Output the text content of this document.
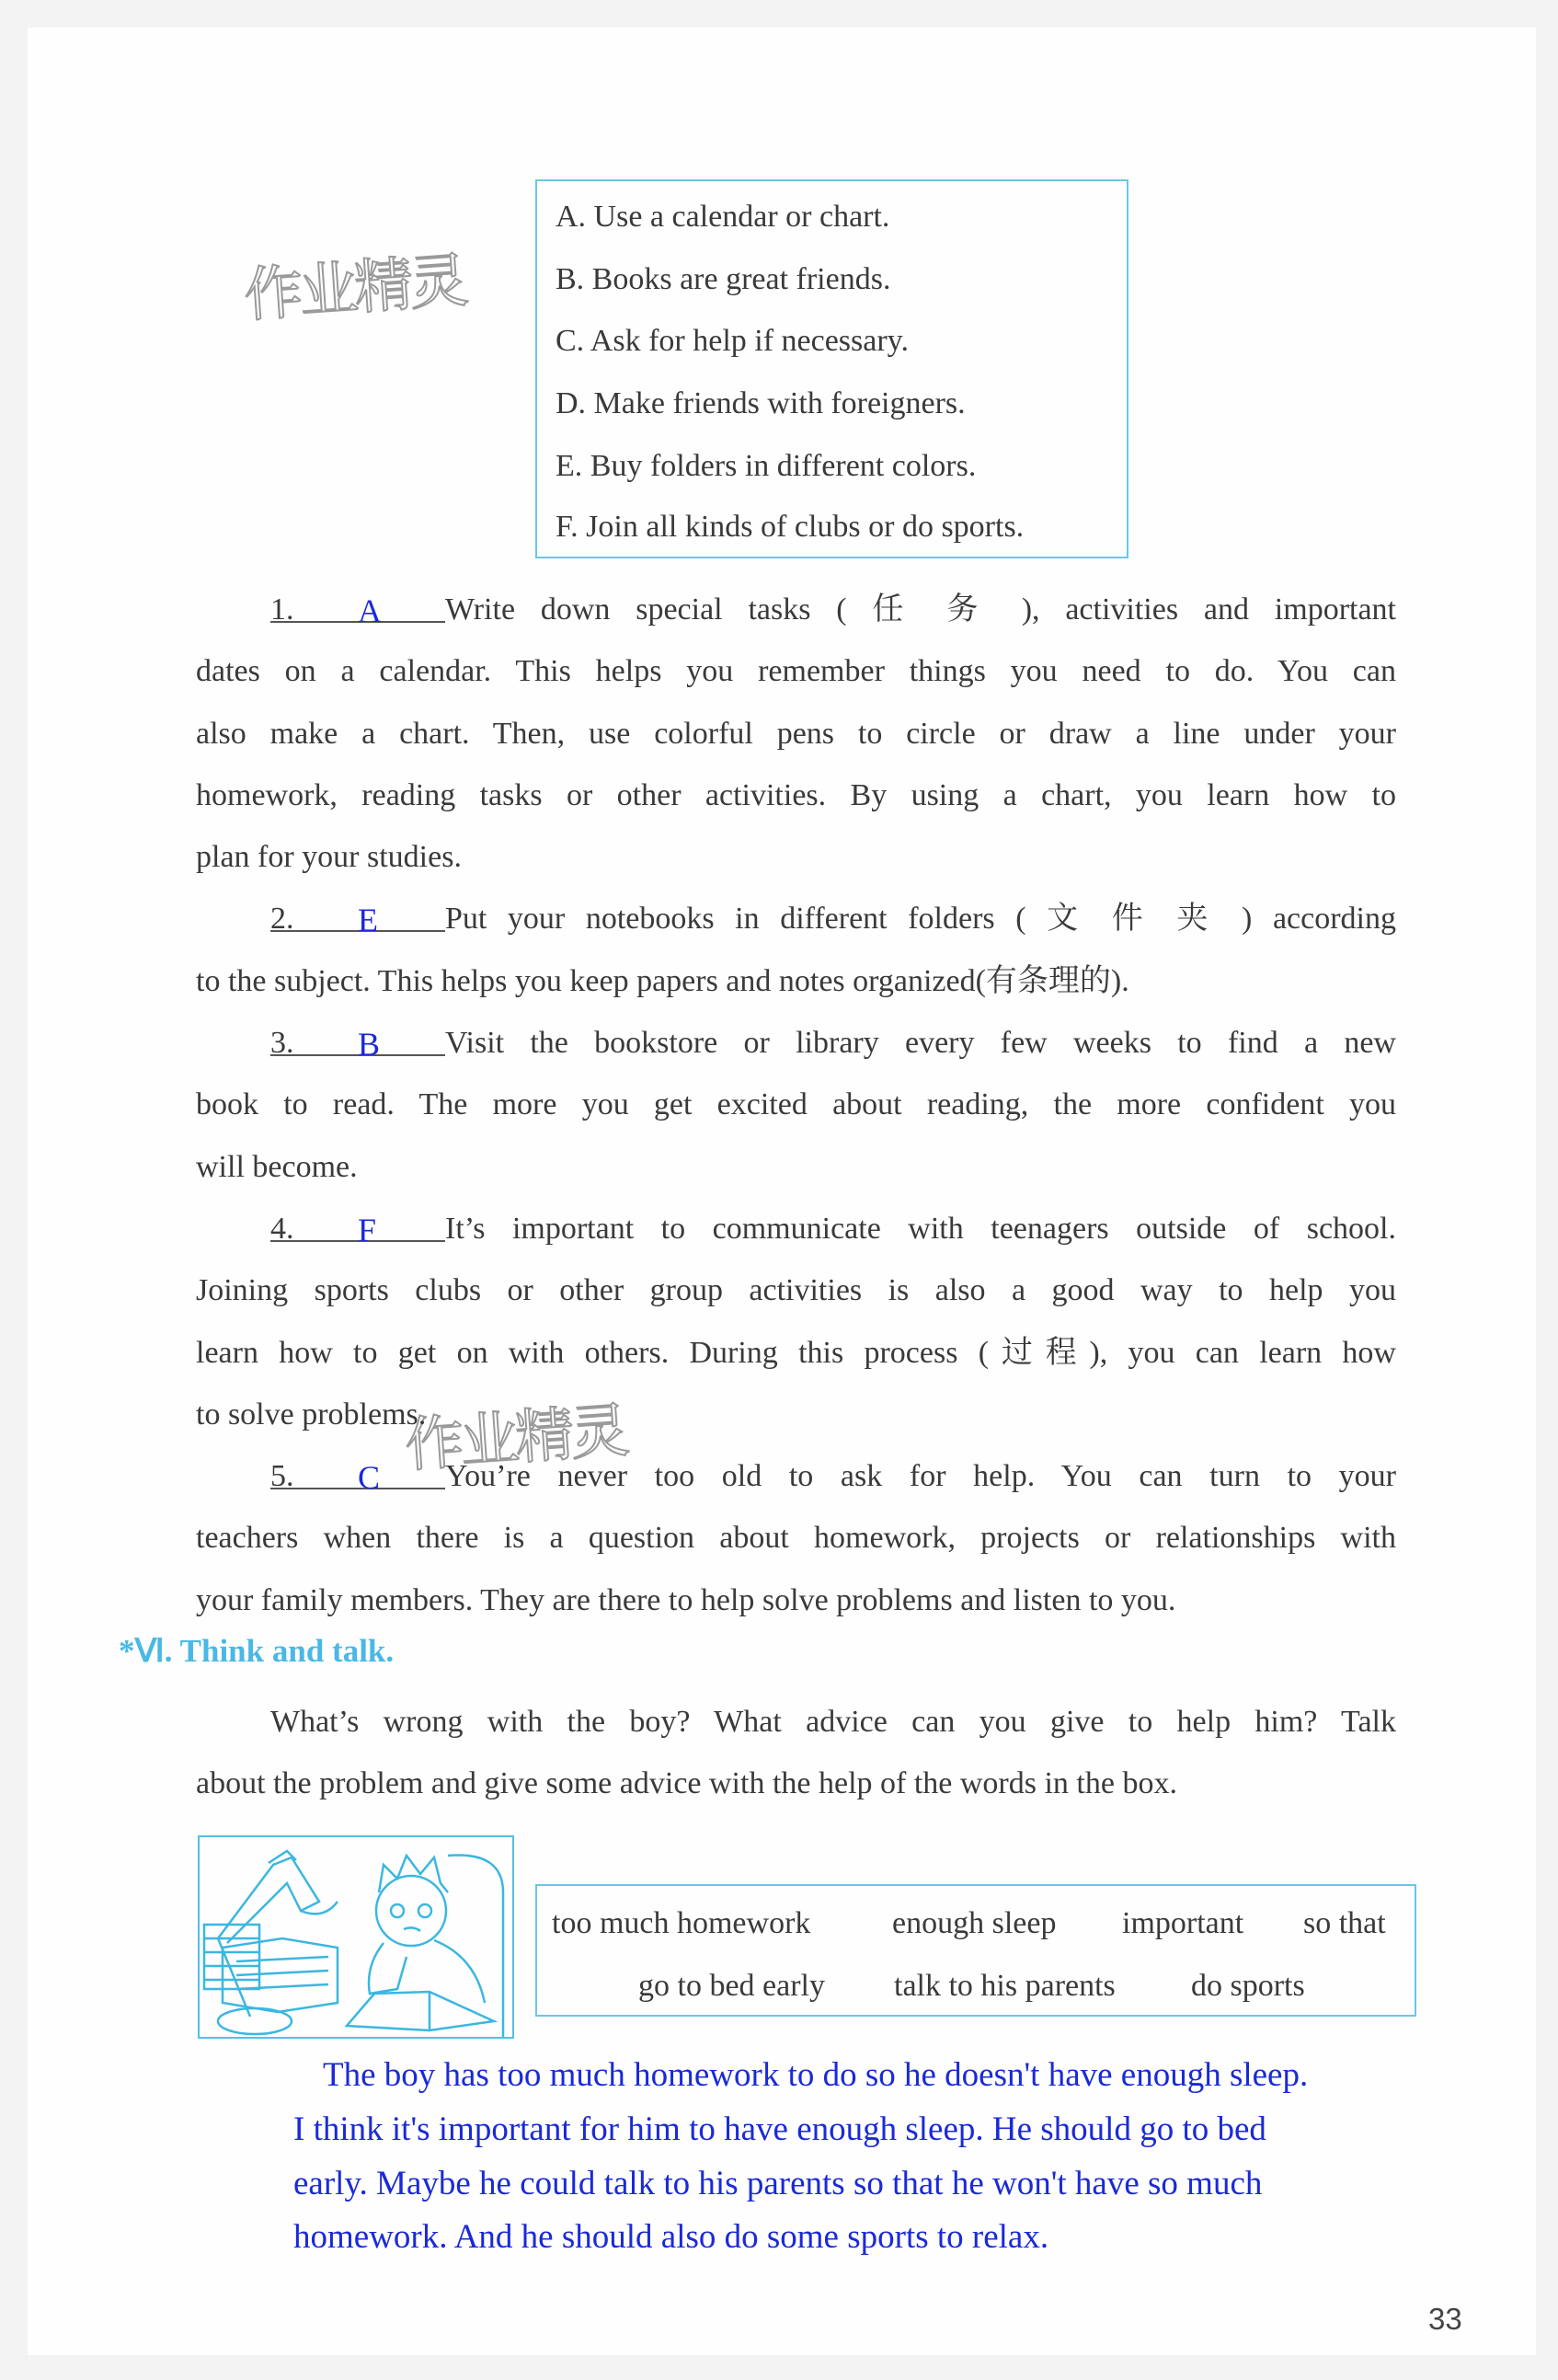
作业精灵
作业精灵
A. Use a calendar or chart.
B. Books are great friends.
C. Ask for help if necessary.
D. Make friends with foreigners.
E. Buy folders in different colors.
F. Join all kinds of clubs or do sports.
1. A Write down special tasks ( 任 务 ), activities and important
dates on a calendar. This helps you remember things you need to do. You can
also make a chart. Then, use colorful pens to circle or draw a line under your
homework, reading tasks or other activities. By using a chart, you learn how to
plan for your studies.
2. E Put your notebooks in different folders ( 文 件 夹 ) according
to the subject. This helps you keep papers and notes organized(有条理的).
3. B Visit the bookstore or library every few weeks to find a new
book to read. The more you get excited about reading, the more confident you
will become.
4. F It’s important to communicate with teenagers outside of school.
Joining sports clubs or other group activities is also a good way to help you
learn how to get on with others. During this process (过程), you can learn how
to solve problems.
5. C You’re never too old to ask for help. You can turn to your
teachers when there is a question about homework, projects or relationships with
your family members. They are there to help solve problems and listen to you.
*Ⅵ. Think and talk.
What’s wrong with the boy? What advice can you give to help him? Talk
about the problem and give some advice with the help of the words in the box.
too much homework	enough sleep important so that
go to bed early talk to his parents do sports
The boy has too much homework to do so he doesn't have enough sleep.
I think it's important for him to have enough sleep. He should go to bed
early. Maybe he could talk to his parents so that he won't have so much
homework. And he should also do some sports to relax.
33
